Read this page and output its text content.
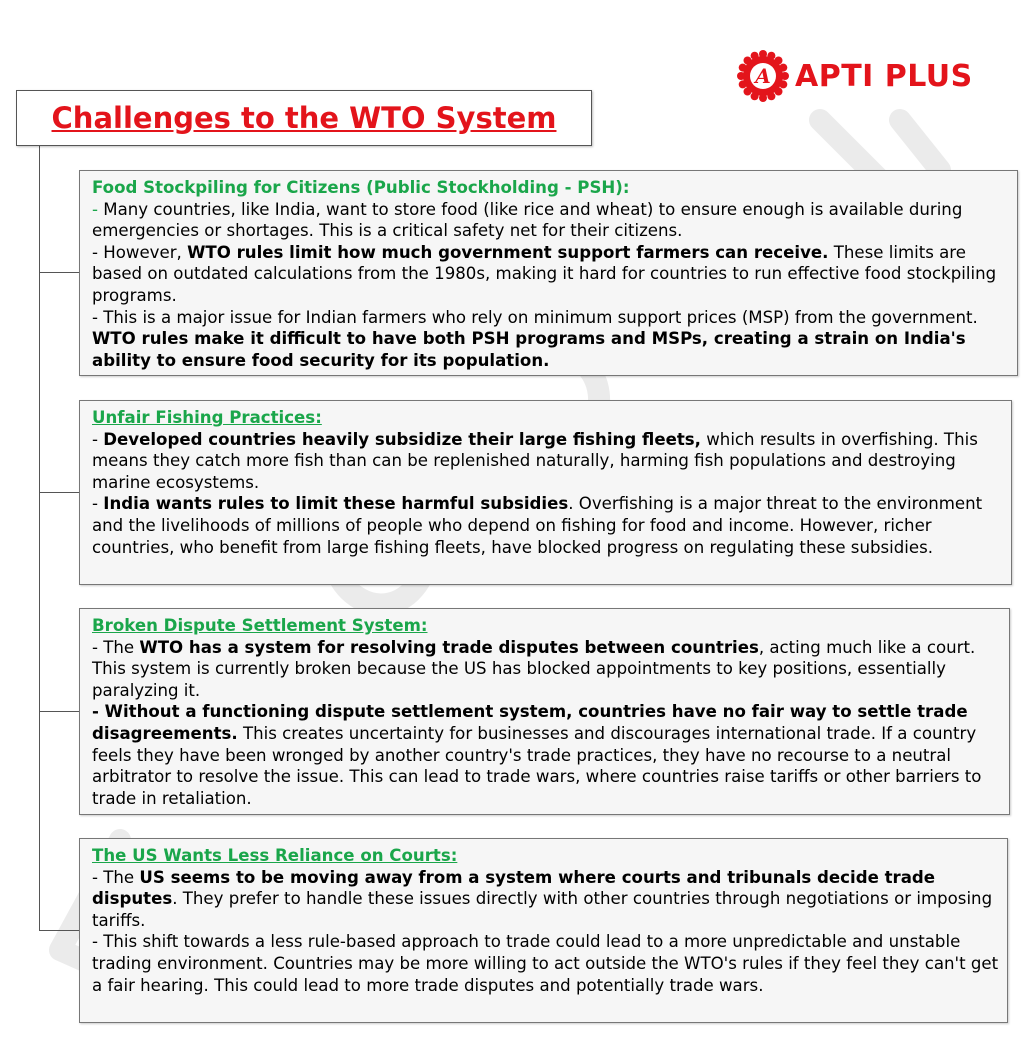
A APTI PLUS
Challenges to the WTO System

Food Stockpiling for Citizens (Public Stockholding - PSH):

- Many countries, like India, want to store food (like rice and wheat) to ensure enough is available during emergencies or shortages. This is a critical safety net for their citizens.

- However, WTO rules limit how much government support farmers can receive. These limits are based on outdated calculations from the 1980s, making it hard for countries to run effective food stockpiling programs.

- This is a major issue for Indian farmers who rely on minimum support prices (MSP) from the government. WTO rules make it difficult to have both PSH programs and MSPs, creating a strain on India's ability to ensure food security for its population.

Unfair Fishing Practices:

- Developed countries heavily subsidize their large fishing fleets, which results in overfishing. This means they catch more fish than can be replenished naturally, harming fish populations and destroying marine ecosystems.

- India wants rules to limit these harmful subsidies. Overfishing is a major threat to the environment and the livelihoods of millions of people who depend on fishing for food and income. However, richer countries, who benefit from large fishing fleets, have blocked progress on regulating these subsidies.

Broken Dispute Settlement System:

- The WTO has a system for resolving trade disputes between countries, acting much like a court. This system is currently broken because the US has blocked appointments to key positions, essentially paralyzing it.

- Without a functioning dispute settlement system, countries have no fair way to settle trade disagreements. This creates uncertainty for businesses and discourages international trade. If a country feels they have been wronged by another country's trade practices, they have no recourse to a neutral arbitrator to resolve the issue. This can lead to trade wars, where countries raise tariffs or other barriers to trade in retaliation.

The US Wants Less Reliance on Courts:

- The US seems to be moving away from a system where courts and tribunals decide trade disputes. They prefer to handle these issues directly with other countries through negotiations or imposing tariffs.

- This shift towards a less rule-based approach to trade could lead to a more unpredictable and unstable trading environment. Countries may be more willing to act outside the WTO's rules if they feel they can't get a fair hearing. This could lead to more trade disputes and potentially trade wars.
